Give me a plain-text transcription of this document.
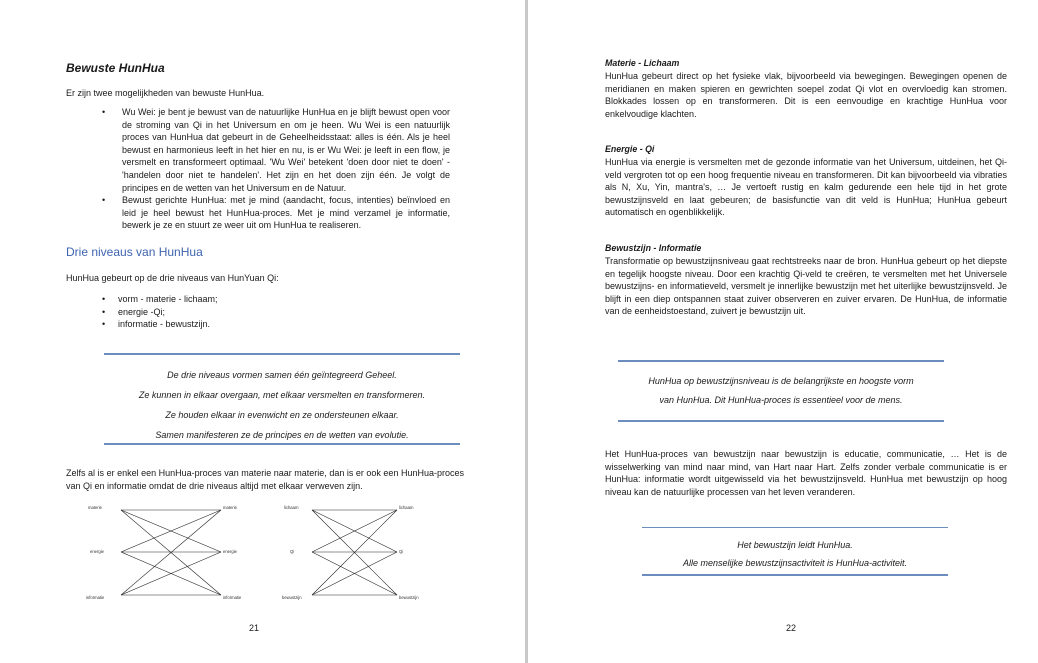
Bewuste HunHua
Er zijn twee mogelijkheden van bewuste HunHua.
• Wu Wei: je bent je bewust van de natuurlijke HunHua en je blijft bewust open voor de stroming van Qi in het Universum en om je heen. Wu Wei is een natuurlijk proces van HunHua dat gebeurt in de Geheelheidsstaat: alles is één. Als je heel bewust en harmonieus leeft in het hier en nu, is er Wu Wei: je leeft in een flow, je versmelt en transformeert optimaal. 'Wu Wei' betekent 'doen door niet te doen' - 'handelen door niet te handelen'. Het zijn en het doen zijn één. Je volgt de principes en de wetten van het Universum en de Natuur.
• Bewust gerichte HunHua: met je mind (aandacht, focus, intenties) beïnvloed en leid je heel bewust het HunHua-proces. Met je mind verzamel je informatie, bewerk je ze en stuurt ze weer uit om HunHua te realiseren.
Drie niveaus van HunHua
HunHua gebeurt op de drie niveaus van HunYuan Qi:
• vorm - materie - lichaam;
• energie -Qi;
• informatie - bewustzijn.

De drie niveaus vormen samen één geïntegreerd Geheel.

Ze kunnen in elkaar overgaan, met elkaar versmelten en transformeren.

Ze houden elkaar in evenwicht en ze ondersteunen elkaar.

Samen manifesteren ze de principes en de wetten van evolutie.

Zelfs al is er enkel een HunHua-proces van materie naar materie, dan is er ook een HunHua-proces van Qi en informatie omdat de drie niveaus altijd met elkaar verweven zijn.
materie
energie
informatie
materie
energie
informatie
lichaam
Qi
bewustzijn
lichaam
Qi
bewustzijn
21
Materie - Lichaam
HunHua gebeurt direct op het fysieke vlak, bijvoorbeeld via bewegingen. Bewegingen openen de meridianen en maken spieren en gewrichten soepel zodat Qi vlot en overvloedig kan stromen. Blokkades lossen op en transformeren. Dit is een eenvoudige en krachtige HunHua voor enkelvoudige klachten.
Energie - Qi
HunHua via energie is versmelten met de gezonde informatie van het Universum, uitdeinen, het Qi-veld vergroten tot op een hoog frequentie niveau en transformeren. Dit kan bijvoorbeeld via vibraties als N, Xu, Yin, mantra's, … Je vertoeft rustig en kalm gedurende een hele tijd in het grote bewustzijnsveld en laat gebeuren; de basisfunctie van dit veld is HunHua; HunHua gebeurt automatisch en ogenblikkelijk.
Bewustzijn - Informatie
Transformatie op bewustzijnsniveau gaat rechtstreeks naar de bron. HunHua gebeurt op het diepste en tegelijk hoogste niveau. Door een krachtig Qi-veld te creëren, te versmelten met het Universele bewustzijns- en informatieveld, versmelt je innerlijke bewustzijn met het uiterlijke bewustzijnsveld. Je blijft in een diep ontspannen staat zuiver observeren en zuiver ervaren. De HunHua, de informatie van de eenheidstoestand, zuivert je bewustzijn uit.

HunHua op bewustzijnsniveau is de belangrijkste en hoogste vorm

van HunHua. Dit HunHua-proces is essentieel voor de mens.

Het HunHua-proces van bewustzijn naar bewustzijn is educatie, communicatie, … Het is de wisselwerking van mind naar mind, van Hart naar Hart. Zelfs zonder verbale communicatie is er HunHua: informatie wordt uitgewisseld via het bewustzijnsveld. HunHua met bewustzijn op hoog niveau kan de natuurlijke processen van het leven veranderen.

Het bewustzijn leidt HunHua.

Alle menselijke bewustzijnsactiviteit is HunHua-activiteit.

22
